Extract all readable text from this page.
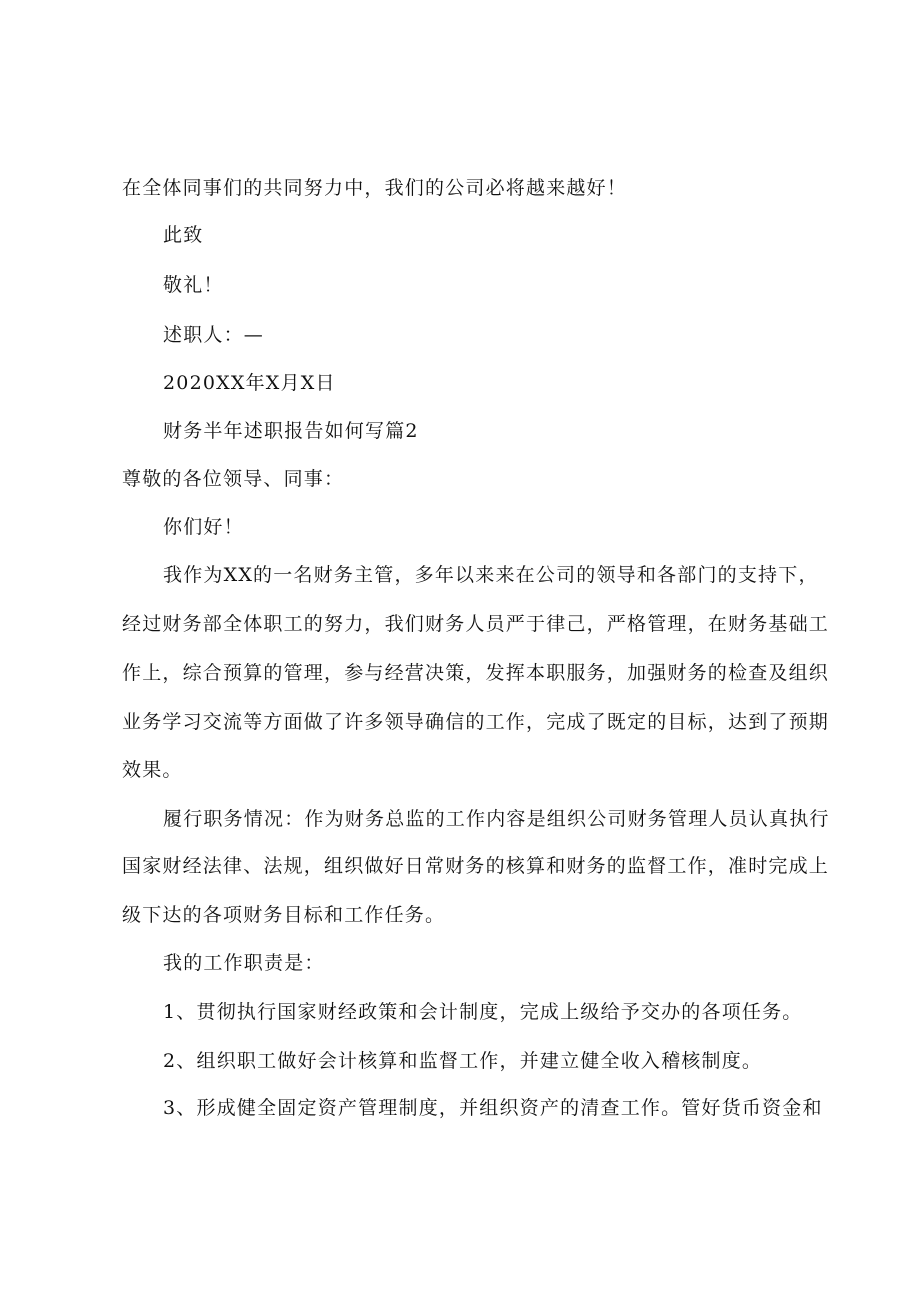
在全体同事们的共同努力中，我们的公司必将越来越好！
此致
敬礼！
述职人：—
2020XX年X月X日
财务半年述职报告如何写篇2
尊敬的各位领导、同事：
你们好！
我作为XX的一名财务主管，多年以来来在公司的领导和各部门的支持下，
经过财务部全体职工的努力，我们财务人员严于律己，严格管理，在财务基础工
作上，综合预算的管理，参与经营决策，发挥本职服务，加强财务的检查及组织
业务学习交流等方面做了许多领导确信的工作，完成了既定的目标，达到了预期
效果。
履行职务情况：作为财务总监的工作内容是组织公司财务管理人员认真执行
国家财经法律、法规，组织做好日常财务的核算和财务的监督工作，准时完成上
级下达的各项财务目标和工作任务。
我的工作职责是：
1、贯彻执行国家财经政策和会计制度，完成上级给予交办的各项任务。
2、组织职工做好会计核算和监督工作，并建立健全收入稽核制度。
3、形成健全固定资产管理制度，并组织资产的清查工作。管好货币资金和
